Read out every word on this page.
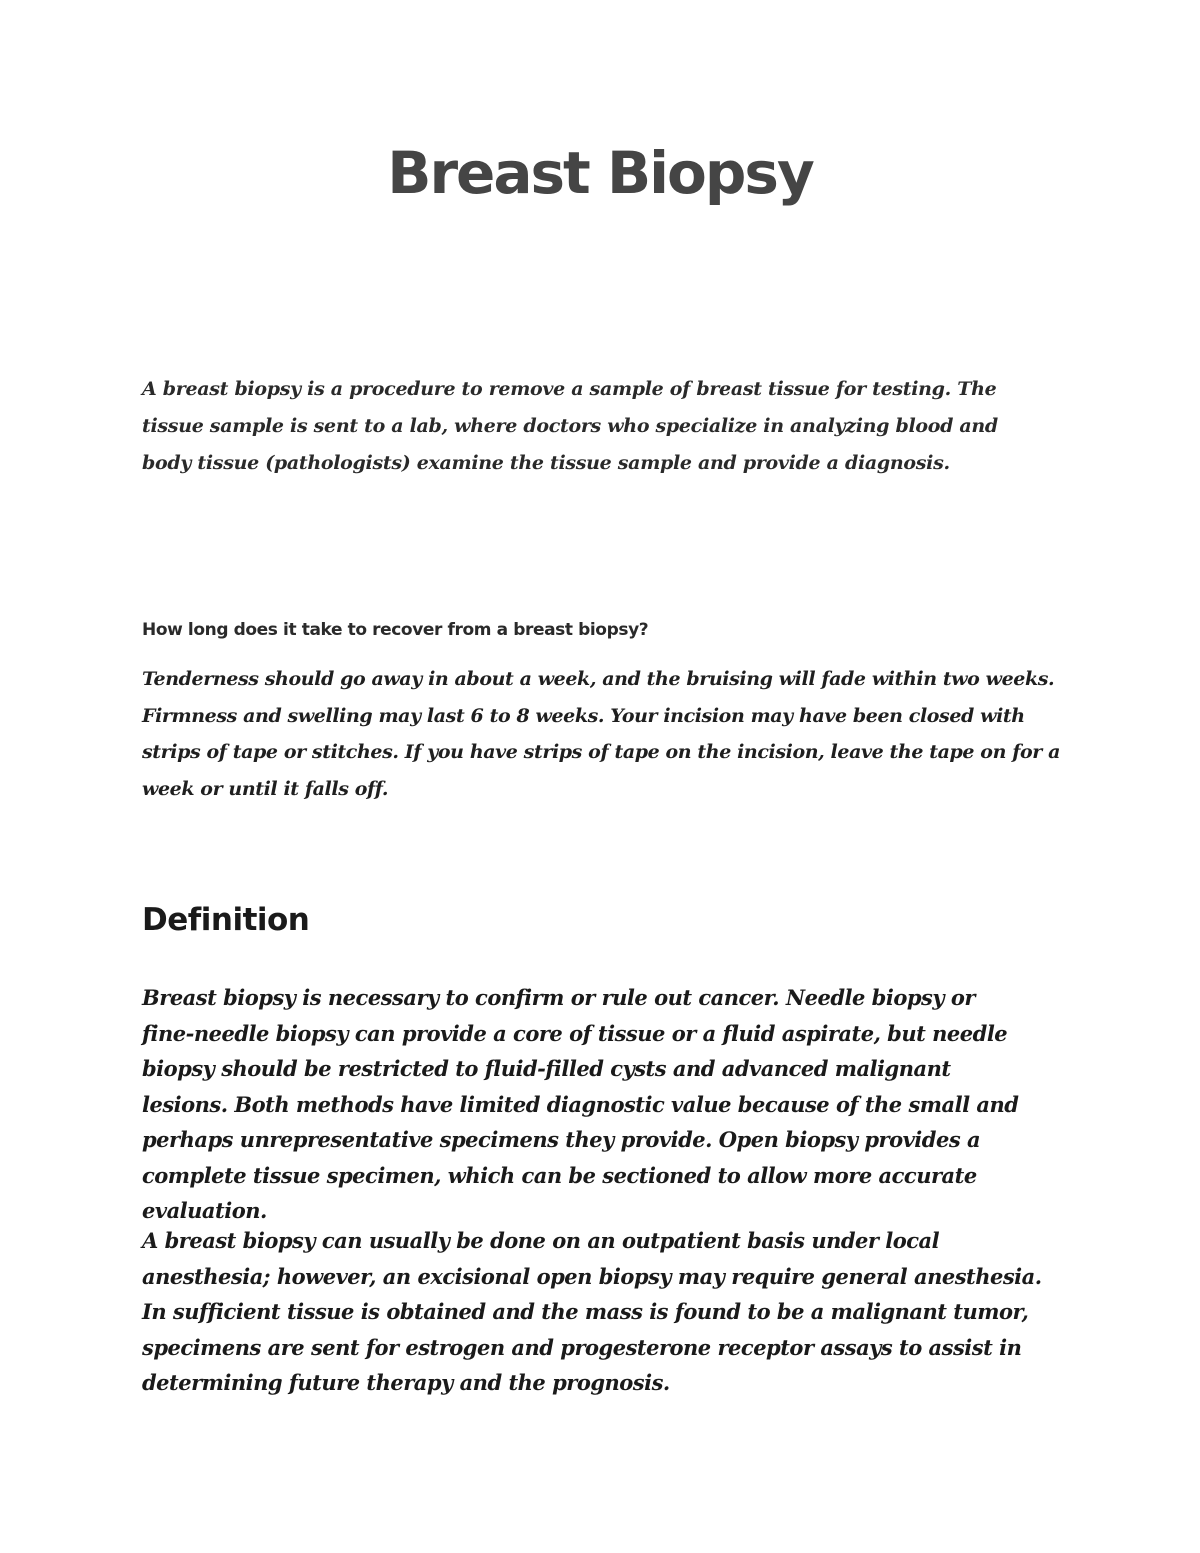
Breast Biopsy

A breast biopsy is a procedure to remove a sample of breast tissue for testing. The tissue sample is sent to a lab, where doctors who specialize in analyzing blood and body tissue (pathologists) examine the tissue sample and provide a diagnosis.

How long does it take to recover from a breast biopsy?

Tenderness should go away in about a week, and the bruising will fade within two weeks. Firmness and swelling may last 6 to 8 weeks. Your incision may have been closed with strips of tape or stitches. If you have strips of tape on the incision, leave the tape on for a week or until it falls off.

Definition

Breast biopsy is necessary to confirm or rule out cancer. Needle biopsy or fine-needle biopsy can provide a core of tissue or a fluid aspirate, but needle biopsy should be restricted to fluid-filled cysts and advanced malignant lesions. Both methods have limited diagnostic value because of the small and perhaps unrepresentative specimens they provide. Open biopsy provides a complete tissue specimen, which can be sectioned to allow more accurate evaluation.

A breast biopsy can usually be done on an outpatient basis under local anesthesia; however, an excisional open biopsy may require general anesthesia. In sufficient tissue is obtained and the mass is found to be a malignant tumor, specimens are sent for estrogen and progesterone receptor assays to assist in determining future therapy and the prognosis.
